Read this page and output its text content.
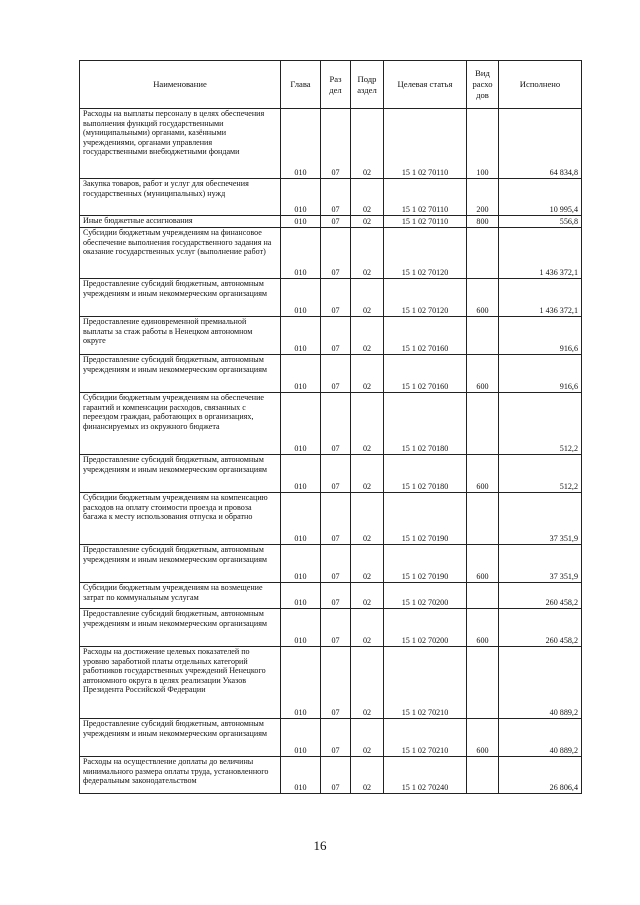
Наименование	Глава	Раз дел	Подр аздел	Целевая статья	Вид расхо дов	Исполнено
Расходы на выплаты персоналу в целях обеспечения выполнения функций государственными (муниципальными) органами, казёнными учреждениями, органами управления государственными внебюджетными фондами	010	07	02	15 1 02 70110	100	64 834,8
Закупка товаров, работ и услуг для обеспечения государственных (муниципальных) нужд	010	07	02	15 1 02 70110	200	10 995,4
Иные бюджетные ассигнования	010	07	02	15 1 02 70110	800	556,8
Субсидии бюджетным учреждениям на финансовое обеспечение выполнения государственного задания на оказание государственных услуг (выполнение работ)	010	07	02	15 1 02 70120		1 436 372,1
Предоставление субсидий бюджетным, автономным учреждениям и иным некоммерческим организациям	010	07	02	15 1 02 70120	600	1 436 372,1
Предоставление единовременной премиальной выплаты за стаж работы в Ненецком автономном округе	010	07	02	15 1 02 70160		916,6
Предоставление субсидий бюджетным, автономным учреждениям и иным некоммерческим организациям	010	07	02	15 1 02 70160	600	916,6
Субсидии бюджетным учреждениям на обеспечение гарантий и компенсации расходов, связанных с переездом граждан, работающих в организациях, финансируемых из окружного бюджета	010	07	02	15 1 02 70180		512,2
Предоставление субсидий бюджетным, автономным учреждениям и иным некоммерческим организациям	010	07	02	15 1 02 70180	600	512,2
Субсидии бюджетным учреждениям на компенсацию расходов на оплату стоимости проезда и провоза багажа к месту использования отпуска и обратно	010	07	02	15 1 02 70190		37 351,9
Предоставление субсидий бюджетным, автономным учреждениям и иным некоммерческим организациям	010	07	02	15 1 02 70190	600	37 351,9
Субсидии бюджетным учреждениям на возмещение затрат по коммунальным услугам	010	07	02	15 1 02 70200		260 458,2
Предоставление субсидий бюджетным, автономным учреждениям и иным некоммерческим организациям	010	07	02	15 1 02 70200	600	260 458,2
Расходы на достижение целевых показателей по уровню заработной платы отдельных категорий работников государственных учреждений Ненецкого автономного округа в целях реализации Указов Президента Российской Федерации	010	07	02	15 1 02 70210		40 889,2
Предоставление субсидий бюджетным, автономным учреждениям и иным некоммерческим организациям	010	07	02	15 1 02 70210	600	40 889,2
Расходы на осуществление доплаты до величины минимального размера оплаты труда, установленного федеральным законодательством	010	07	02	15 1 02 70240		26 806,4
16
